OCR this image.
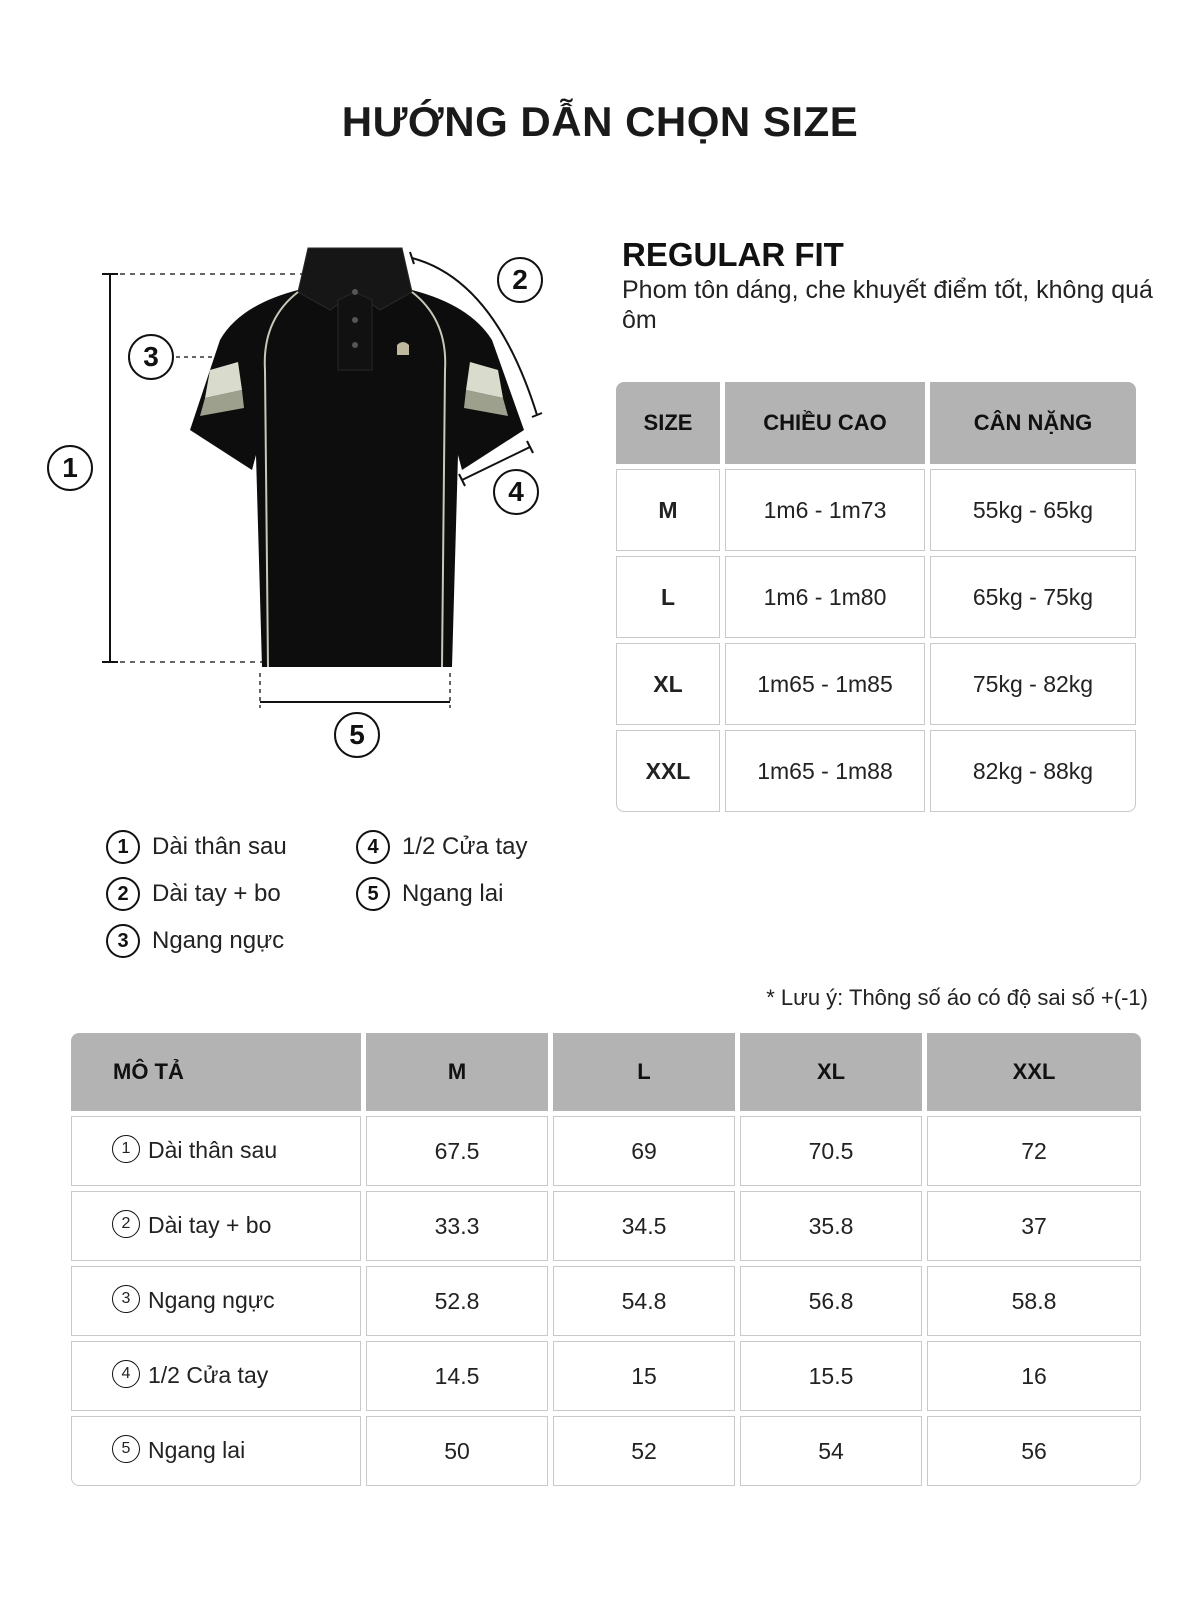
HƯỚNG DẪN CHỌN SIZE
1
2
3
4
5
1 Dài thân sau
2 Dài tay + bo
3 Ngang ngực
4 1/2 Cửa tay
5 Ngang lai
REGULAR FIT
Phom tôn dáng, che khuyết điểm tốt, không quá ôm
SIZE	CHIỀU CAO	CÂN NẶNG
M	1m6 - 1m73	55kg - 65kg
L	1m6 - 1m80	65kg - 75kg
XL	1m65 - 1m85	75kg - 82kg
XXL	1m65 - 1m88	82kg - 88kg
* Lưu ý: Thông số áo có độ sai số +(-1)
MÔ TẢ	M	L	XL	XXL
1 Dài thân sau	67.5	69	70.5	72
2 Dài tay + bo	33.3	34.5	35.8	37
3 Ngang ngực	52.8	54.8	56.8	58.8
4 1/2 Cửa tay	14.5	15	15.5	16
5 Ngang lai	50	52	54	56
